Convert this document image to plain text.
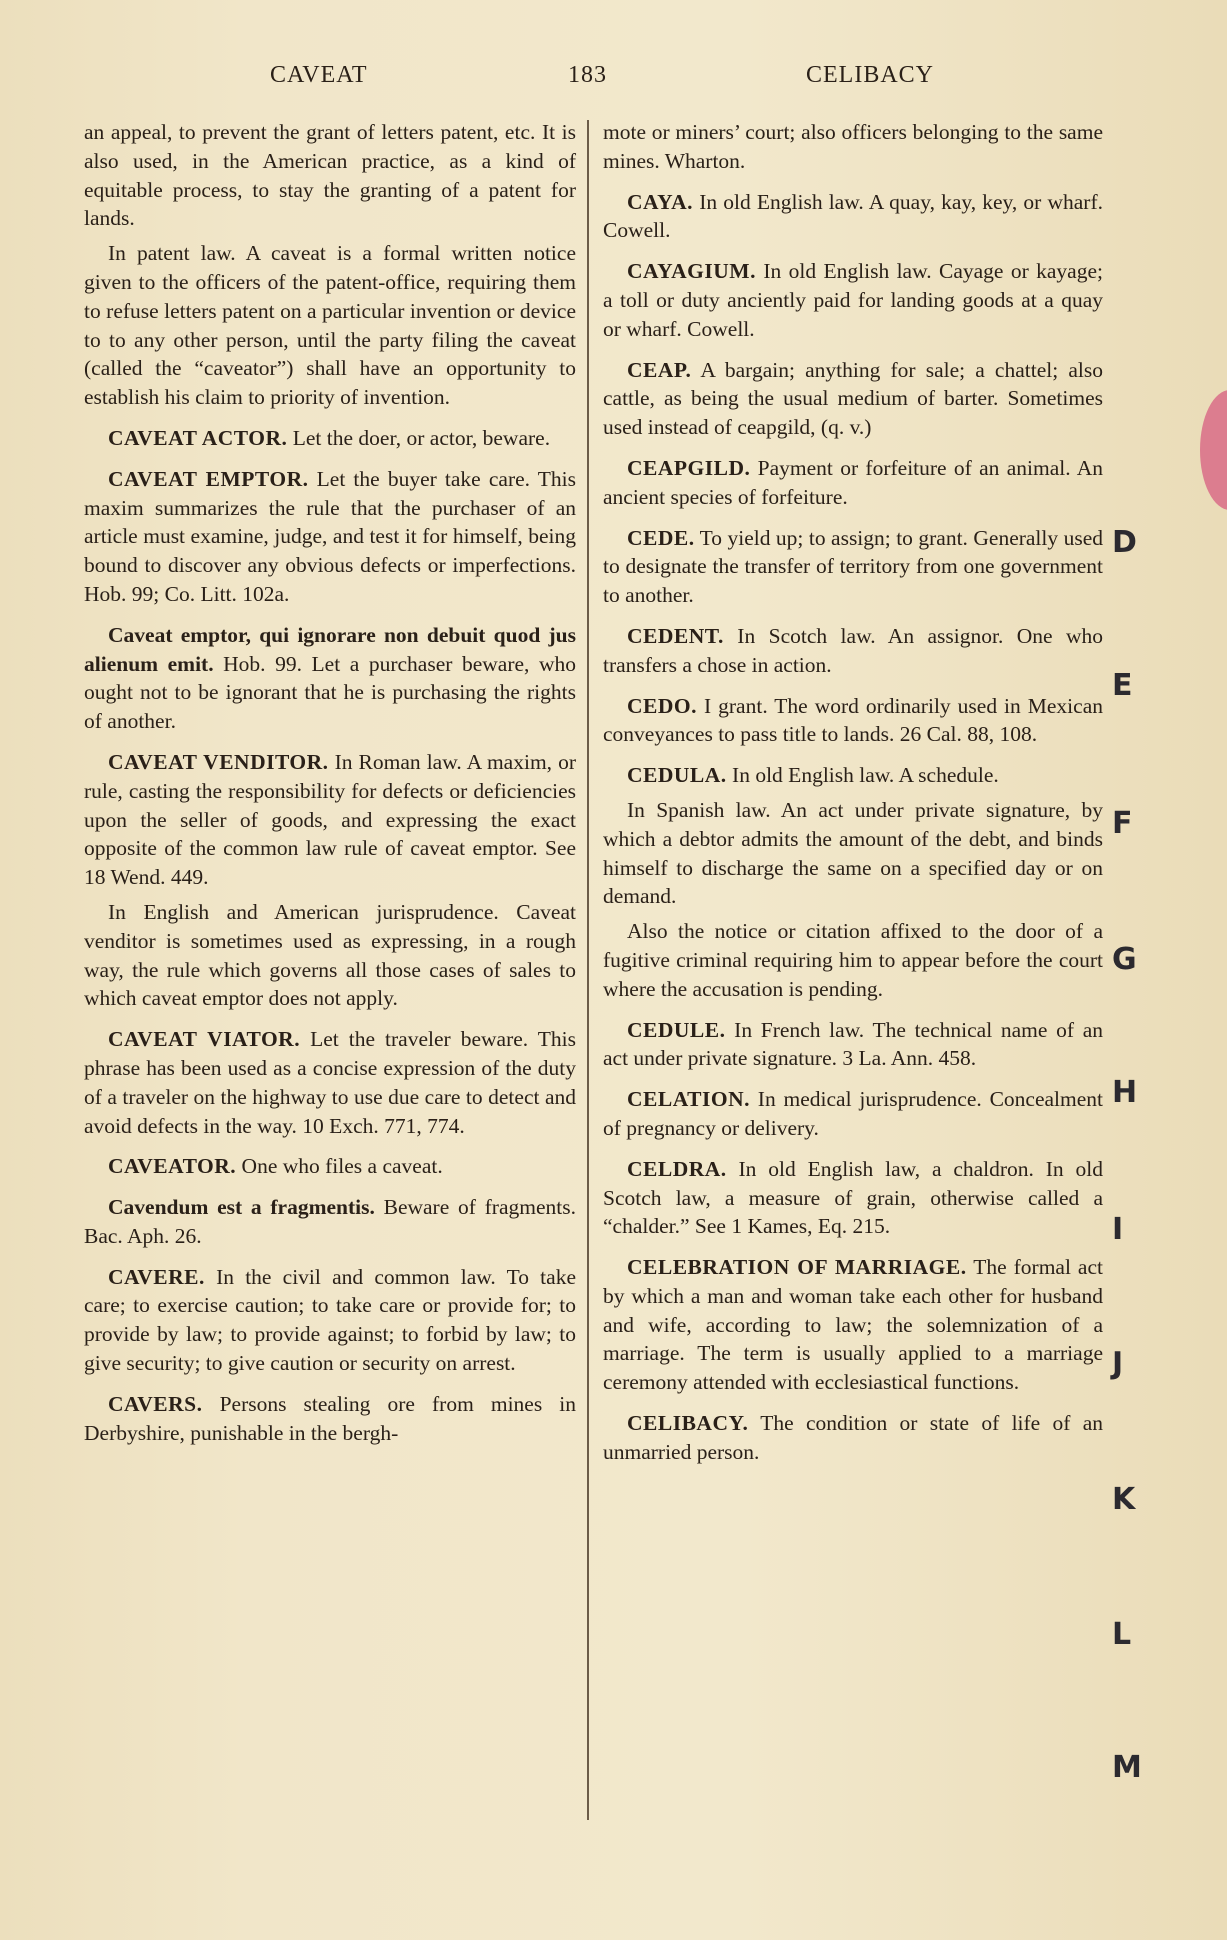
CAVEAT	183	CELIBACY

an appeal, to prevent the grant of letters patent, etc. It is also used, in the American practice, as a kind of equitable process, to stay the granting of a patent for lands.

In patent law. A caveat is a formal written notice given to the officers of the patent-office, requiring them to refuse letters patent on a particular invention or device to to any other person, until the party filing the caveat (called the “caveator”) shall have an opportunity to establish his claim to priority of invention.

CAVEAT ACTOR. Let the doer, or actor, beware.

CAVEAT EMPTOR. Let the buyer take care. This maxim summarizes the rule that the purchaser of an article must examine, judge, and test it for himself, being bound to discover any obvious defects or imperfections. Hob. 99; Co. Litt. 102a.

Caveat emptor, qui ignorare non debuit quod jus alienum emit. Hob. 99. Let a purchaser beware, who ought not to be ignorant that he is purchasing the rights of another.

CAVEAT VENDITOR. In Roman law. A maxim, or rule, casting the responsibility for defects or deficiencies upon the seller of goods, and expressing the exact opposite of the common law rule of caveat emptor. See 18 Wend. 449.

In English and American jurisprudence. Caveat venditor is sometimes used as expressing, in a rough way, the rule which governs all those cases of sales to which caveat emptor does not apply.

CAVEAT VIATOR. Let the traveler beware. This phrase has been used as a concise expression of the duty of a traveler on the highway to use due care to detect and avoid defects in the way. 10 Exch. 771, 774.

CAVEATOR. One who files a caveat.

Cavendum est a fragmentis. Beware of fragments. Bac. Aph. 26.

CAVERE. In the civil and common law. To take care; to exercise caution; to take care or provide for; to provide by law; to provide against; to forbid by law; to give security; to give caution or security on arrest.

CAVERS. Persons stealing ore from mines in Derbyshire, punishable in the bergh-

mote or miners’ court; also officers belonging to the same mines. Wharton.

CAYA. In old English law. A quay, kay, key, or wharf. Cowell.

CAYAGIUM. In old English law. Cayage or kayage; a toll or duty anciently paid for landing goods at a quay or wharf. Cowell.

CEAP. A bargain; anything for sale; a chattel; also cattle, as being the usual medium of barter. Sometimes used instead of ceapgild, (q. v.)

CEAPGILD. Payment or forfeiture of an animal. An ancient species of forfeiture.

CEDE. To yield up; to assign; to grant. Generally used to designate the transfer of territory from one government to another.

CEDENT. In Scotch law. An assignor. One who transfers a chose in action.

CEDO. I grant. The word ordinarily used in Mexican conveyances to pass title to lands. 26 Cal. 88, 108.

CEDULA. In old English law. A schedule.

In Spanish law. An act under private signature, by which a debtor admits the amount of the debt, and binds himself to discharge the same on a specified day or on demand.

Also the notice or citation affixed to the door of a fugitive criminal requiring him to appear before the court where the accusation is pending.

CEDULE. In French law. The technical name of an act under private signature. 3 La. Ann. 458.

CELATION. In medical jurisprudence. Concealment of pregnancy or delivery.

CELDRA. In old English law, a chaldron. In old Scotch law, a measure of grain, otherwise called a “chalder.” See 1 Kames, Eq. 215.

CELEBRATION OF MARRIAGE. The formal act by which a man and woman take each other for husband and wife, according to law; the solemnization of a marriage. The term is usually applied to a marriage ceremony attended with ecclesiastical functions.

CELIBACY. The condition or state of life of an unmarried person.

D
E
F
G
H
I
J
K
L
M
